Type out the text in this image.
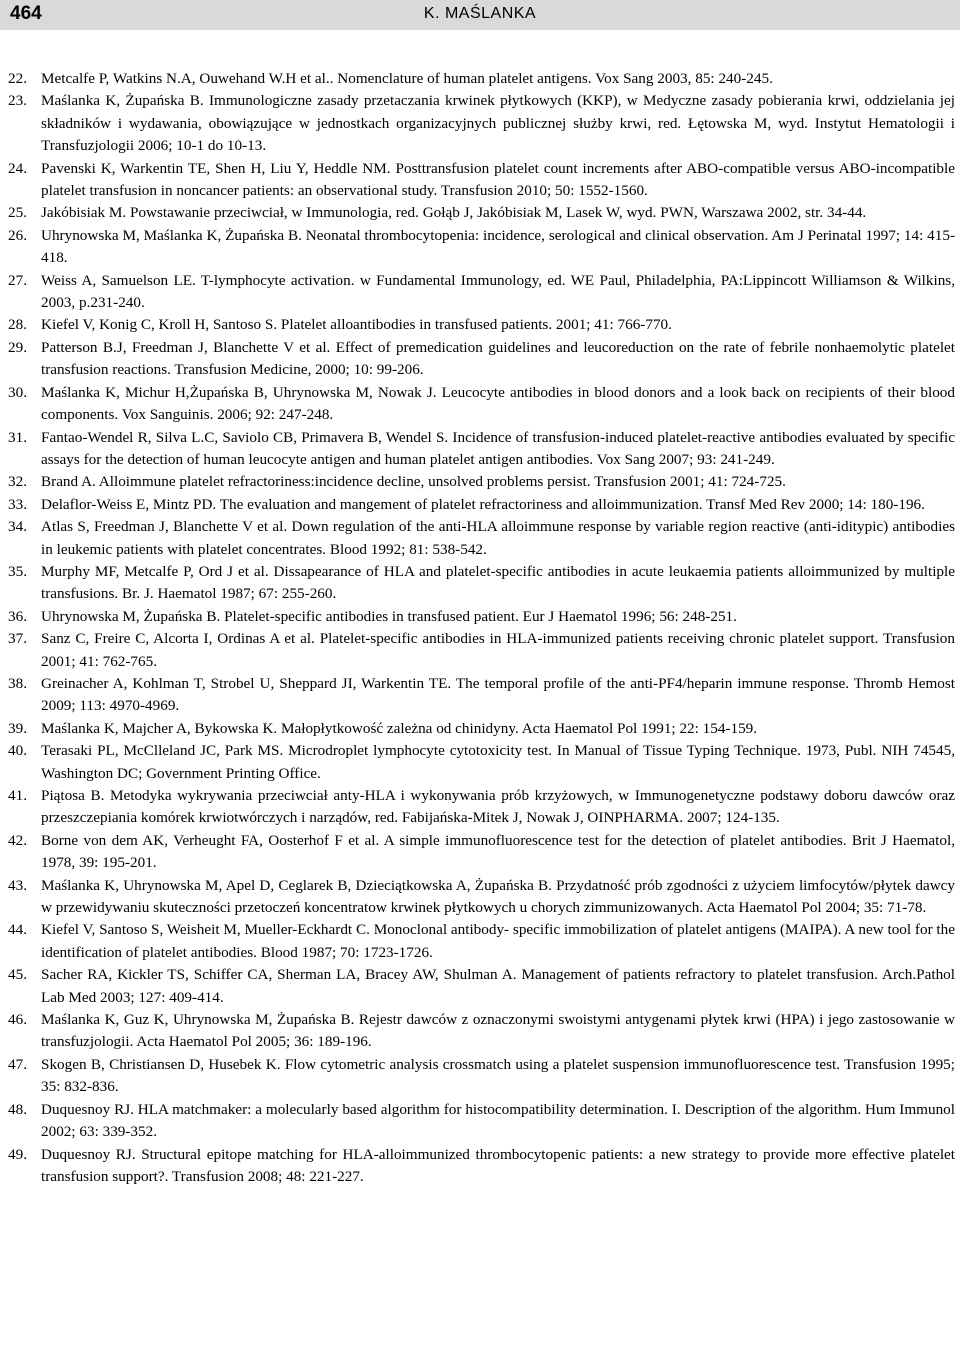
464	K. MAŚLANKA
22. Metcalfe P, Watkins N.A, Ouwehand W.H et al.. Nomenclature of human platelet antigens. Vox Sang 2003, 85: 240-245.
23. Maślanka K, Żupańska B. Immunologiczne zasady przetaczania krwinek płytkowych (KKP), w Medyczne zasady pobierania krwi, oddzielania jej składników i wydawania, obowiązujące w jednostkach organizacyjnych publicznej służby krwi, red. Łętowska M, wyd. Instytut Hematologii i Transfuzjologii 2006; 10-1 do 10-13.
24. Pavenski K, Warkentin TE, Shen H, Liu Y, Heddle NM. Posttransfusion platelet count increments after ABO-compatible versus ABO-incompatible platelet transfusion in noncancer patients: an observational study. Transfusion 2010; 50: 1552-1560.
25. Jakóbisiak M. Powstawanie przeciwciał, w Immunologia, red. Gołąb J, Jakóbisiak M, Lasek W, wyd. PWN, Warszawa 2002, str. 34-44.
26. Uhrynowska M, Maślanka K, Żupańska B. Neonatal thrombocytopenia: incidence, serological and clinical observation. Am J Perinatal 1997; 14: 415-418.
27. Weiss A, Samuelson LE. T-lymphocyte activation. w Fundamental Immunology, ed. WE Paul, Philadelphia, PA:Lippincott Williamson & Wilkins, 2003, p.231-240.
28. Kiefel V, Konig C, Kroll H, Santoso S. Platelet alloantibodies in transfused patients. 2001; 41: 766-770.
29. Patterson B.J, Freedman J, Blanchette V et al. Effect of premedication guidelines and leucoreduction on the rate of febrile nonhaemolytic platelet transfusion reactions. Transfusion Medicine, 2000; 10: 99-206.
30. Maślanka K, Michur H,Żupańska B, Uhrynowska M, Nowak J. Leucocyte antibodies in blood donors and a look back on recipients of their blood components. Vox Sanguinis. 2006; 92: 247-248.
31. Fantao-Wendel R, Silva L.C, Saviolo CB, Primavera B, Wendel S. Incidence of transfusion-induced platelet-reactive antibodies evaluated by specific assays for the detection of human leucocyte antigen and human platelet antigen antibodies. Vox Sang 2007; 93: 241-249.
32. Brand A. Alloimmune platelet refractoriness:incidence decline, unsolved problems persist. Transfusion 2001; 41: 724-725.
33. Delaflor-Weiss E, Mintz PD. The evaluation and mangement of platelet refractoriness and alloimmunization. Transf Med Rev 2000; 14: 180-196.
34. Atlas S, Freedman J, Blanchette V et al. Down regulation of the anti-HLA alloimmune response by variable region reactive (anti-iditypic) antibodies in leukemic patients with platelet concentrates. Blood 1992; 81: 538-542.
35. Murphy MF, Metcalfe P, Ord J et al. Dissapearance of HLA and platelet-specific antibodies in acute leukaemia patients alloimmunized by multiple transfusions. Br. J. Haematol 1987; 67: 255-260.
36. Uhrynowska M, Żupańska B. Platelet-specific antibodies in transfused patient. Eur J Haematol 1996; 56: 248-251.
37. Sanz C, Freire C, Alcorta I, Ordinas A et al. Platelet-specific antibodies in HLA-immunized patients receiving chronic platelet support. Transfusion 2001; 41: 762-765.
38. Greinacher A, Kohlman T, Strobel U, Sheppard JI, Warkentin TE. The temporal profile of the anti-PF4/heparin immune response. Thromb Hemost 2009; 113: 4970-4969.
39. Maślanka K, Majcher A, Bykowska K. Małopłytkowość zależna od chinidyny. Acta Haematol Pol 1991; 22: 154-159.
40. Terasaki PL, McClleland JC, Park MS. Microdroplet lymphocyte cytotoxicity test. In Manual of Tissue Typing Technique. 1973, Publ. NIH 74545, Washington DC; Government Printing Office.
41. Piątosa B. Metodyka wykrywania przeciwciał anty-HLA i wykonywania prób krzyżowych, w Immunogenetyczne podstawy doboru dawców oraz przeszczepiania komórek krwiotwórczych i narządów, red. Fabijańska-Mitek J, Nowak J, OINPHARMA. 2007; 124-135.
42. Borne von dem AK, Verheught FA, Oosterhof F et al. A simple immunofluorescence test for the detection of platelet antibodies. Brit J Haematol, 1978, 39: 195-201.
43. Maślanka K, Uhrynowska M, Apel D, Ceglarek B, Dzieciątkowska A, Żupańska B. Przydatność prób zgodności z użyciem limfocytów/płytek dawcy w przewidywaniu skuteczności przetoczeń koncentratow krwinek płytkowych u chorych zimmunizowanych. Acta Haematol Pol 2004; 35: 71-78.
44. Kiefel V, Santoso S, Weisheit M, Mueller-Eckhardt C. Monoclonal antibody- specific immobilization of platelet antigens (MAIPA). A new tool for the identification of platelet antibodies. Blood 1987; 70: 1723-1726.
45. Sacher RA, Kickler TS, Schiffer CA, Sherman LA, Bracey AW, Shulman A. Management of patients refractory to platelet transfusion. Arch.Pathol Lab Med 2003; 127: 409-414.
46. Maślanka K, Guz K, Uhrynowska M, Żupańska B. Rejestr dawców z oznaczonymi swoistymi antygenami płytek krwi (HPA) i jego zastosowanie w transfuzjologii. Acta Haematol Pol 2005; 36: 189-196.
47. Skogen B, Christiansen D, Husebek K. Flow cytometric analysis crossmatch using a platelet suspension immunofluorescence test. Transfusion 1995; 35: 832-836.
48. Duquesnoy RJ. HLA matchmaker: a molecularly based algorithm for histocompatibility determination. I. Description of the algorithm. Hum Immunol 2002; 63: 339-352.
49. Duquesnoy RJ. Structural epitope matching for HLA-alloimmunized thrombocytopenic patients: a new strategy to provide more effective platelet transfusion support?. Transfusion 2008; 48: 221-227.
